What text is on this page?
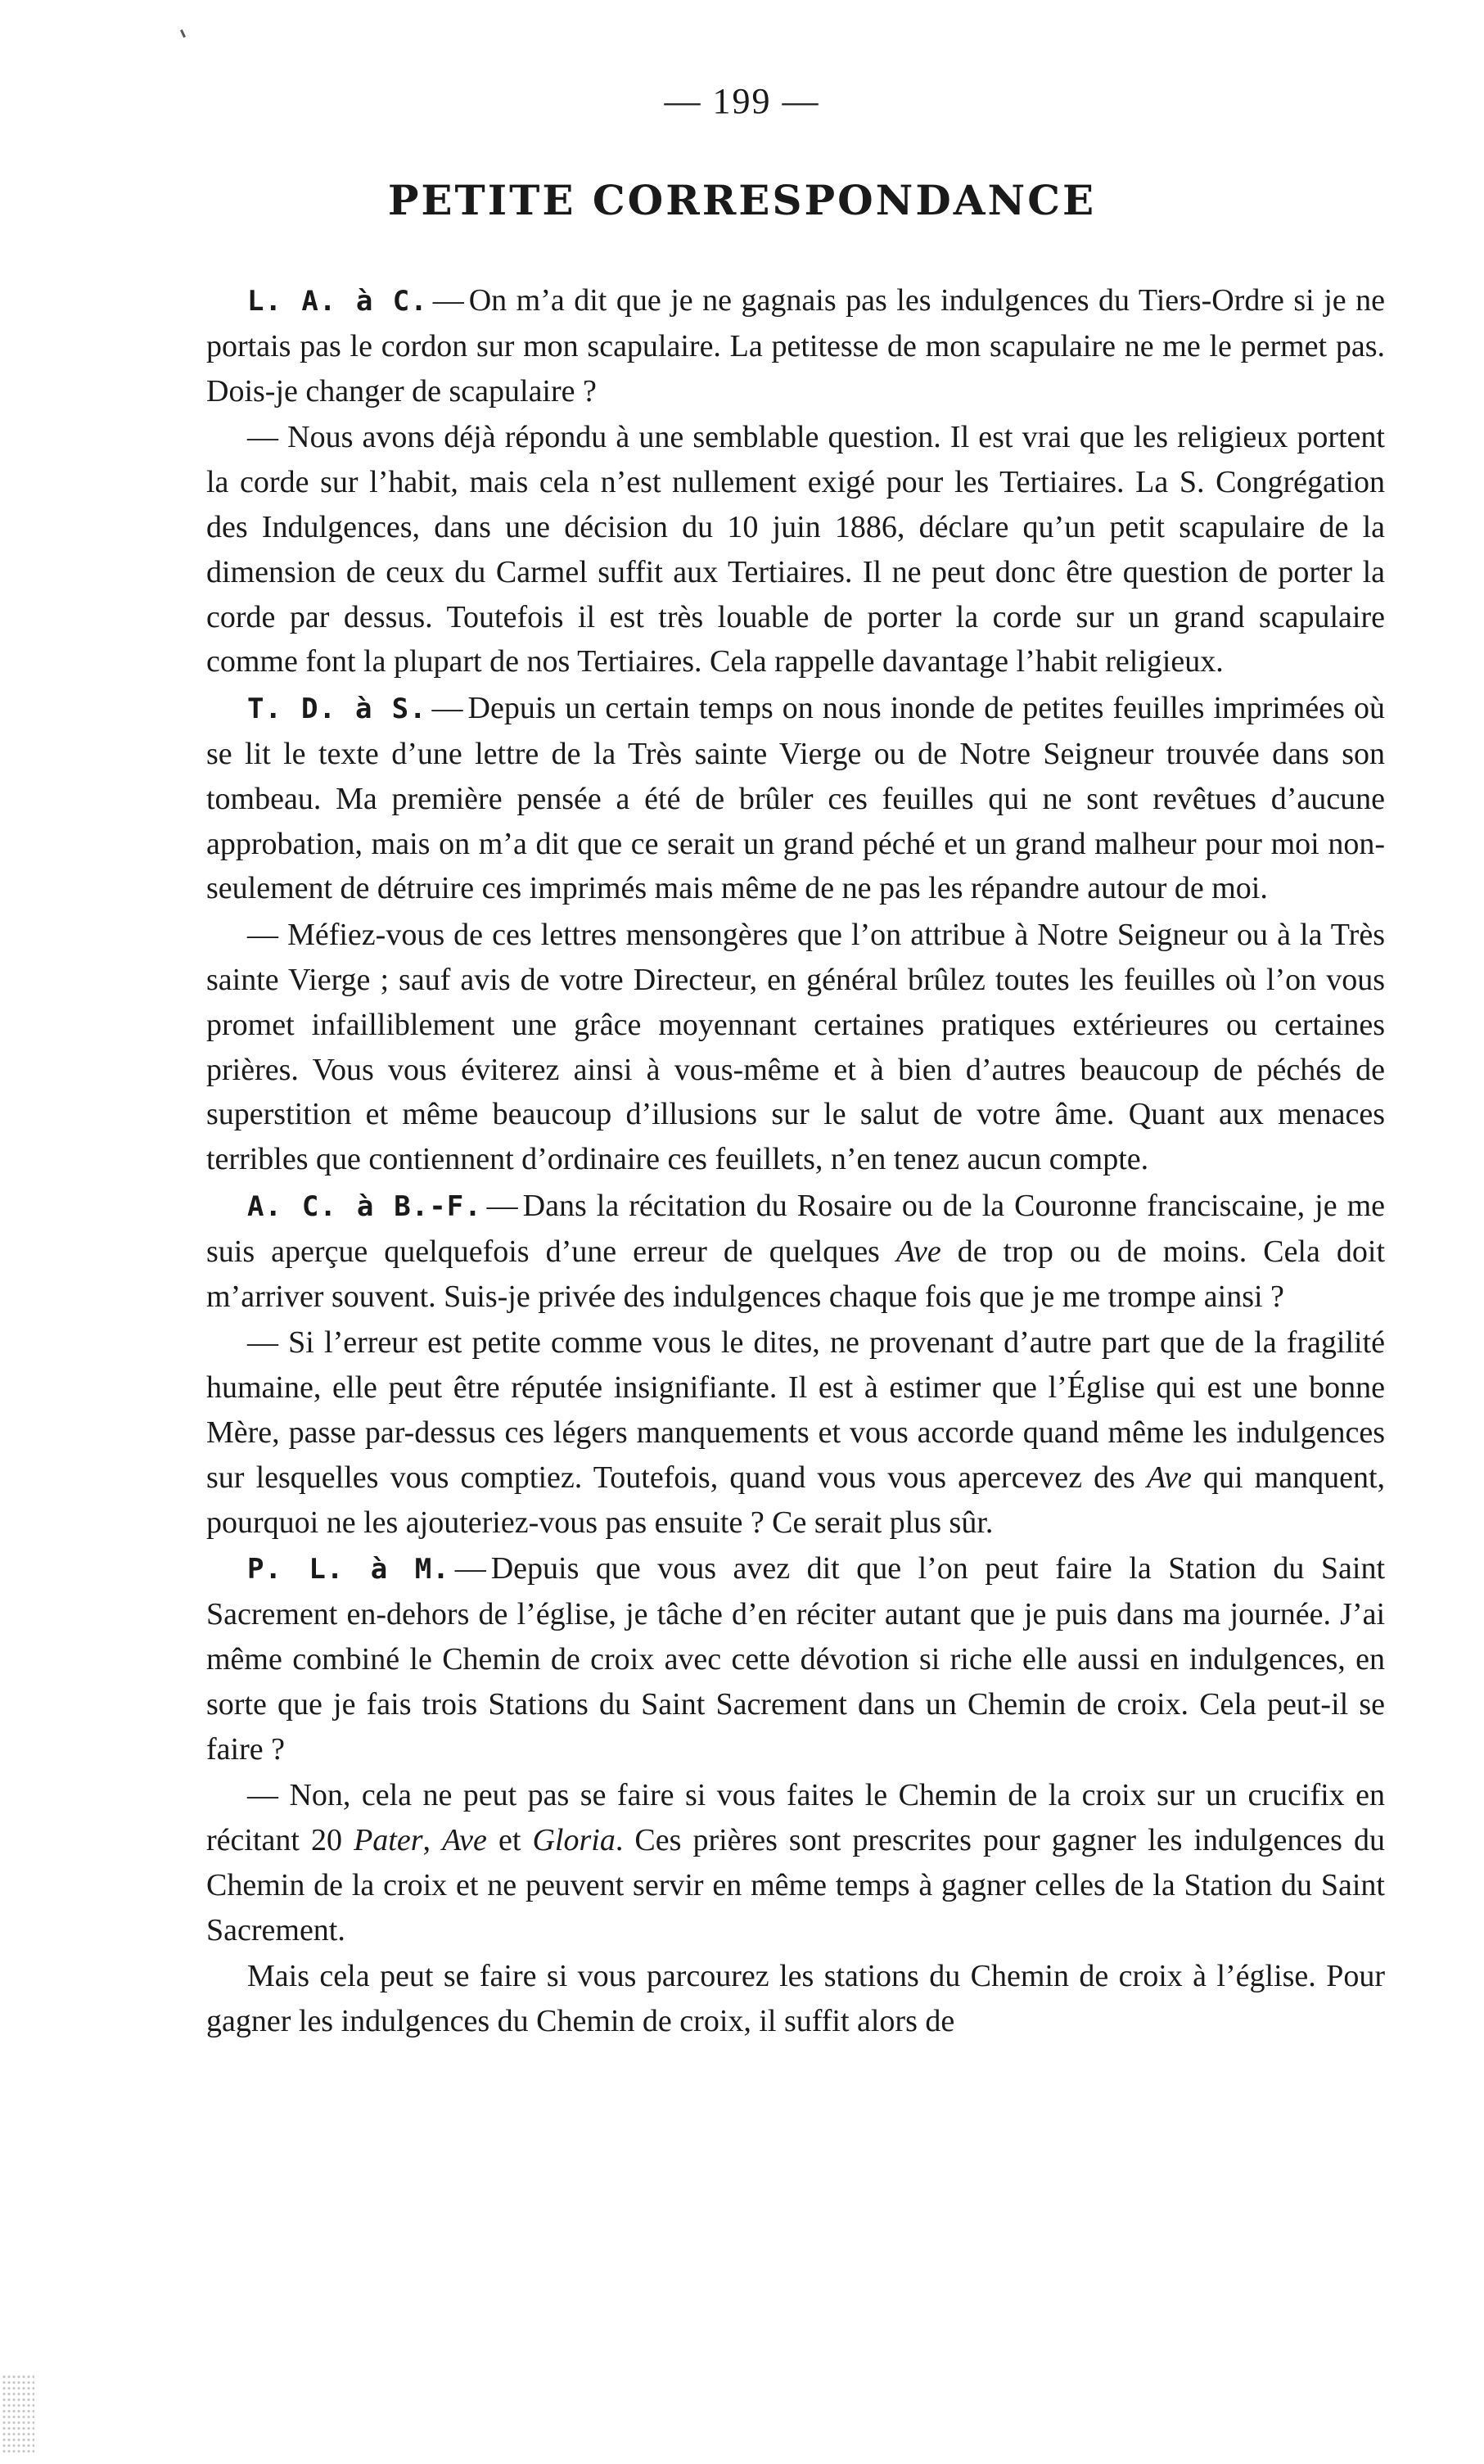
— 199 —
PETITE CORRESPONDANCE

L. A. à C. — On m’a dit que je ne gagnais pas les indulgences du Tiers-Ordre si je ne portais pas le cordon sur mon scapulaire. La petitesse de mon scapulaire ne me le permet pas. Dois-je changer de scapulaire ?

— Nous avons déjà répondu à une semblable question. Il est vrai que les religieux portent la corde sur l’habit, mais cela n’est nullement exigé pour les Tertiaires. La S. Congrégation des Indulgences, dans une décision du 10 juin 1886, déclare qu’un petit scapulaire de la dimension de ceux du Carmel suffit aux Tertiaires. Il ne peut donc être question de porter la corde par dessus. Toutefois il est très louable de porter la corde sur un grand scapulaire comme font la plupart de nos Tertiaires. Cela rappelle davantage l’habit religieux.

T. D. à S. — Depuis un certain temps on nous inonde de petites feuilles imprimées où se lit le texte d’une lettre de la Très sainte Vierge ou de Notre Seigneur trouvée dans son tombeau. Ma première pensée a été de brûler ces feuilles qui ne sont revêtues d’aucune approbation, mais on m’a dit que ce serait un grand péché et un grand malheur pour moi non-seulement de détruire ces imprimés mais même de ne pas les répandre autour de moi.

— Méfiez-vous de ces lettres mensongères que l’on attribue à Notre Seigneur ou à la Très sainte Vierge ; sauf avis de votre Directeur, en général brûlez toutes les feuilles où l’on vous promet infailliblement une grâce moyennant certaines pratiques extérieures ou certaines prières. Vous vous éviterez ainsi à vous-même et à bien d’autres beaucoup de péchés de superstition et même beaucoup d’illusions sur le salut de votre âme. Quant aux menaces terribles que contiennent d’ordinaire ces feuillets, n’en tenez aucun compte.

A. C. à B.-F. — Dans la récitation du Rosaire ou de la Couronne franciscaine, je me suis aperçue quelquefois d’une erreur de quelques Ave de trop ou de moins. Cela doit m’arriver souvent. Suis-je privée des indulgences chaque fois que je me trompe ainsi ?

— Si l’erreur est petite comme vous le dites, ne provenant d’autre part que de la fragilité humaine, elle peut être réputée insignifiante. Il est à estimer que l’Église qui est une bonne Mère, passe par-dessus ces légers manquements et vous accorde quand même les indulgences sur lesquelles vous comptiez. Toutefois, quand vous vous apercevez des Ave qui manquent, pourquoi ne les ajouteriez-vous pas ensuite ? Ce serait plus sûr.

P. L. à M. — Depuis que vous avez dit que l’on peut faire la Station du Saint Sacrement en-dehors de l’église, je tâche d’en réciter autant que je puis dans ma journée. J’ai même combiné le Chemin de croix avec cette dévotion si riche elle aussi en indulgences, en sorte que je fais trois Stations du Saint Sacrement dans un Chemin de croix. Cela peut-il se faire ?

— Non, cela ne peut pas se faire si vous faites le Chemin de la croix sur un crucifix en récitant 20 Pater, Ave et Gloria. Ces prières sont prescrites pour gagner les indulgences du Chemin de la croix et ne peuvent servir en même temps à gagner celles de la Station du Saint Sacrement.

Mais cela peut se faire si vous parcourez les stations du Chemin de croix à l’église. Pour gagner les indulgences du Chemin de croix, il suffit alors de
